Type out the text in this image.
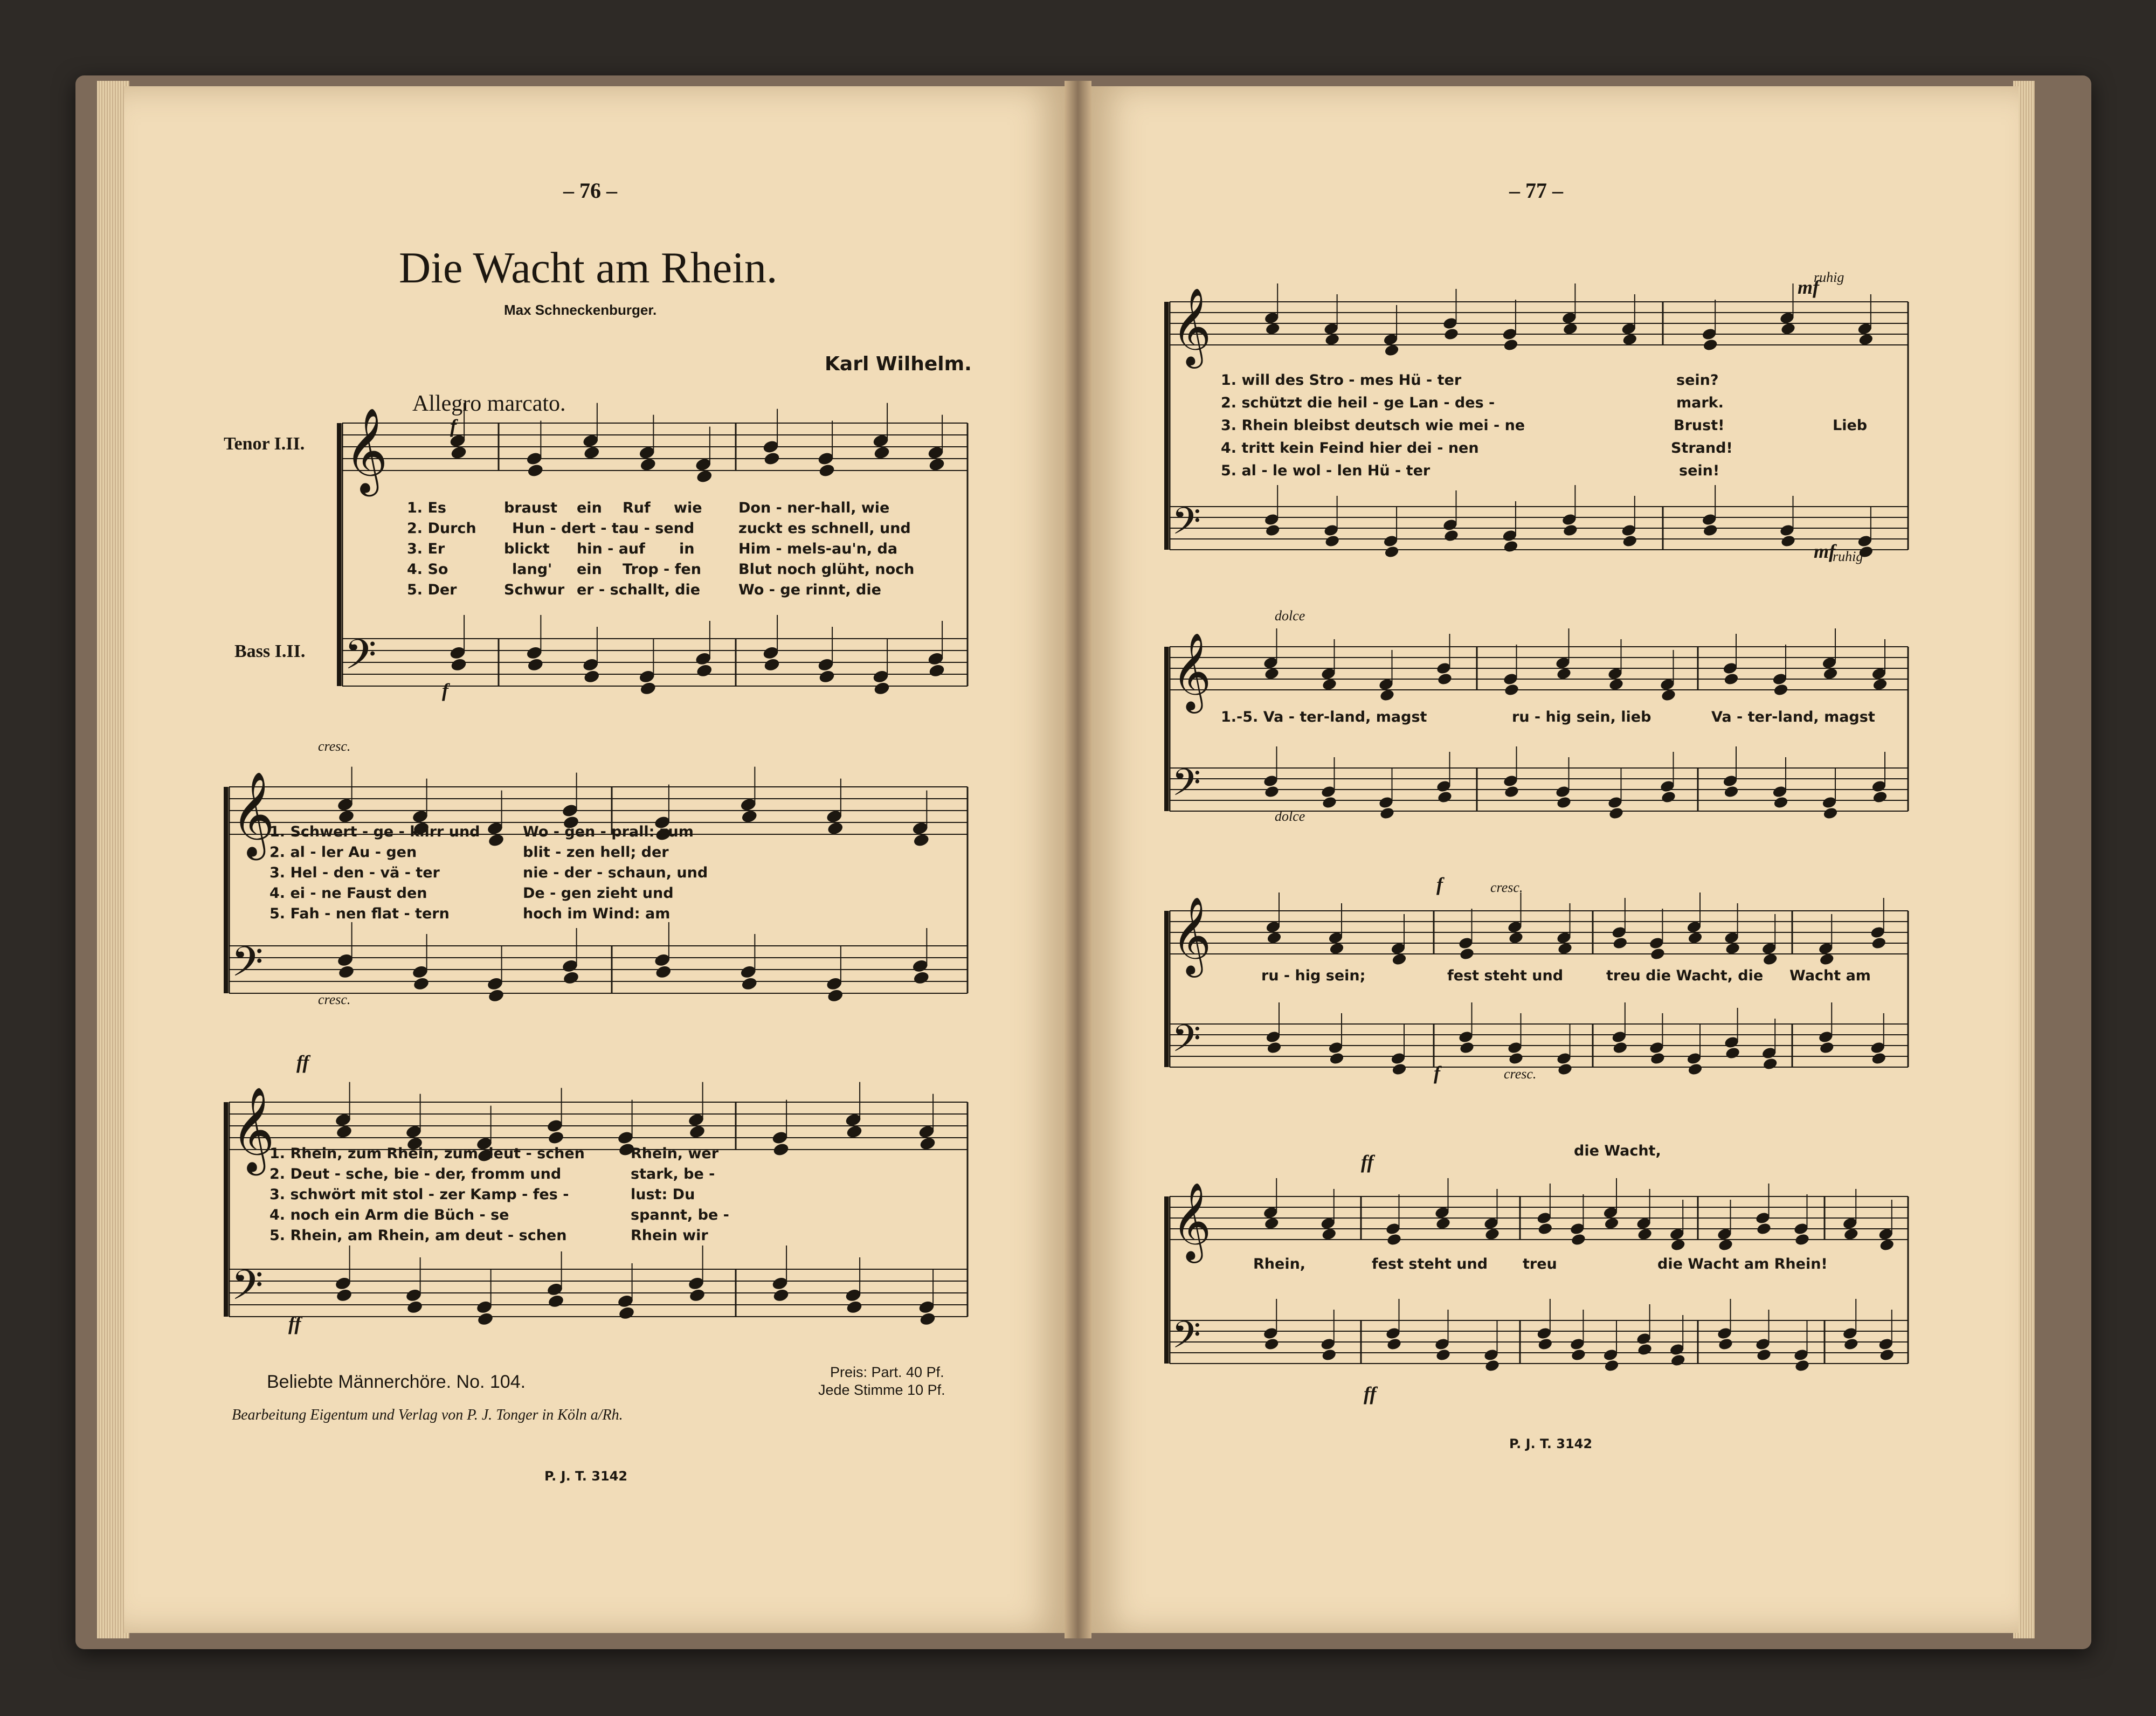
𝄞
𝄢
𝄞
𝄢
𝄞
𝄢
– 76 –
Die Wacht am Rhein.
Max Schneckenburger.
Karl Wilhelm.
Allegro marcato.
Tenor I.II.
Bass I.II.
f
f
1. Es	braust ein Ruf wie Don - ner-hall, wie
2. Durch Hun - dert - tau - send	zuckt es schnell, und
3. Er	blickt hin - auf in	Him - mels-au'n, da
4. So	lang' ein Trop - fen	Blut noch glüht, noch
5. Der	Schwur er - schallt, die	Wo - ge rinnt, die
cresc.
cresc.
1. Schwert - ge - klirr und	Wo - gen - prall: zum
2. al - ler Au - gen	blit - zen hell; der
3. Hel - den - vä - ter	nie - der - schaun, und
4. ei - ne Faust den	De - gen zieht und
5. Fah - nen flat - tern	hoch im Wind: am
ff
ff
1. Rhein, zum Rhein, zum deut - schen	Rhein, wer
2. Deut - sche, bie - der, fromm und	stark, be -
3. schwört mit stol - zer Kamp - fes -	lust: Du
4. noch ein Arm die Büch - se	spannt, be -
5. Rhein, am Rhein, am deut - schen	Rhein wir
Beliebte Männerchöre. No. 104.	Preis: Part. 40 Pf.
Jede Stimme 10 Pf.
Bearbeitung Eigentum und Verlag von P. J. Tonger in Köln a/Rh.
P. J. T. 3142
𝄞
𝄢
𝄞
𝄢
𝄞
𝄢
𝄞
𝄢
– 77 –
ruhig
mf
mf
ruhig
1. will des Stro - mes Hü - ter	sein?
2. schützt die heil - ge Lan - des -	mark.
3. Rhein bleibst deutsch wie mei - ne	Brust!
4. tritt kein Feind hier dei - nen	Strand!
5. al - le wol - len Hü - ter	sein!
Lieb
dolce
dolce
1.-5. Va - ter-land, magst	ru - hig sein, lieb	Va - ter-land, magst
f	cresc.
f	cresc.
ru - hig sein;	fest steht und	treu die Wacht, die Wacht am
ff
ff
die Wacht,
Rhein,	fest steht und treu	die Wacht am Rhein!
P. J. T. 3142
